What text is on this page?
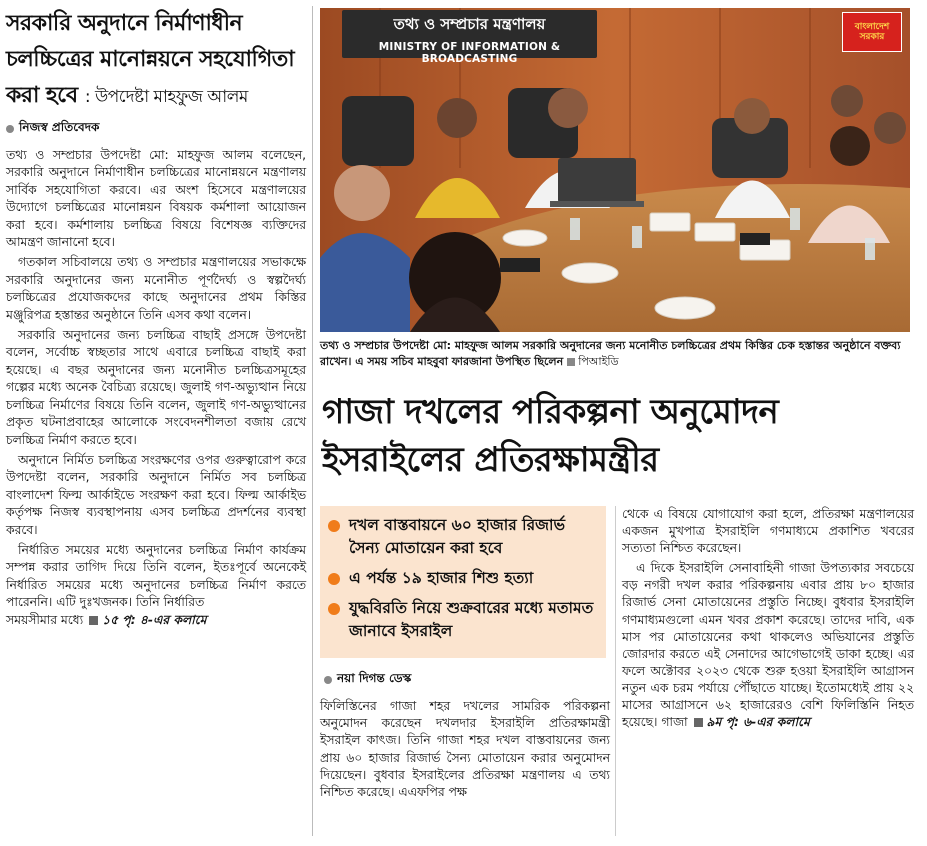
সরকারি অনুদানে নির্মাণাধীন
চলচ্চিত্রের মানোন্নয়নে সহযোগিতা
করা হবে : উপদেষ্টা মাহফুজ আলম
নিজস্ব প্রতিবেদক

তথ্য ও সম্প্রচার উপদেষ্টা মো: মাহফুজ আলম বলেছেন, সরকারি অনুদানে নির্মাণাধীন চলচ্চিত্রের মানোন্নয়নে মন্ত্রণালয় সার্বিক সহযোগিতা করবে। এর অংশ হিসেবে মন্ত্রণালয়ের উদ্যোগে চলচ্চিত্রের মানোন্নয়ন বিষয়ক কর্মশালা আয়োজন করা হবে। কর্মশালায় চলচ্চিত্র বিষয়ে বিশেষজ্ঞ ব্যক্তিদের আমন্ত্রণ জানানো হবে।

গতকাল সচিবালয়ে তথ্য ও সম্প্রচার মন্ত্রণালয়ের সভাকক্ষে সরকারি অনুদানের জন্য মনোনীত পূর্ণদৈর্ঘ্য ও স্বল্পদৈর্ঘ্য চলচ্চিত্রের প্রযোজকদের কাছে অনুদানের প্রথম কিস্তির মঞ্জুরিপত্র হস্তান্তর অনুষ্ঠানে তিনি এসব কথা বলেন।

সরকারি অনুদানের জন্য চলচ্চিত্র বাছাই প্রসঙ্গে উপদেষ্টা বলেন, সর্বোচ্চ স্বচ্ছতার সাথে এবারে চলচ্চিত্র বাছাই করা হয়েছে। এ বছর অনুদানের জন্য মনোনীত চলচ্চিত্রসমূহের গল্পের মধ্যে অনেক বৈচিত্র্য রয়েছে। জুলাই গণ-অভ্যুত্থান নিয়ে চলচ্চিত্র নির্মাণের বিষয়ে তিনি বলেন, জুলাই গণ-অভ্যুত্থানের প্রকৃত ঘটনাপ্রবাহের আলোকে সংবেদনশীলতা বজায় রেখে চলচ্চিত্র নির্মাণ করতে হবে।

অনুদানে নির্মিত চলচ্চিত্র সংরক্ষণের ওপর গুরুত্বারোপ করে উপদেষ্টা বলেন, সরকারি অনুদানে নির্মিত সব চলচ্চিত্র বাংলাদেশ ফিল্ম আর্কাইভে সংরক্ষণ করা হবে। ফিল্ম আর্কাইভ কর্তৃপক্ষ নিজস্ব ব্যবস্থাপনায় এসব চলচ্চিত্র প্রদর্শনের ব্যবস্থা করবে।

নির্ধারিত সময়ের মধ্যে অনুদানের চলচ্চিত্র নির্মাণ কার্যক্রম সম্পন্ন করার তাগিদ দিয়ে তিনি বলেন, ইতঃপূর্বে অনেকেই নির্ধারিত সময়ের মধ্যে অনুদানের চলচ্চিত্র নির্মাণ করতে পারেননি। এটি দুঃখজনক। তিনি নির্ধারিত

সময়সীমার মধ্যে ১৫ পৃ: ৪-এর কলামে
তথ্য ও সম্প্রচার মন্ত্রণালয়
MINISTRY OF INFORMATION & BROADCASTING
বাংলাদেশ সরকার
তথ্য ও সম্প্রচার উপদেষ্টা মো: মাহফুজ আলম সরকারি অনুদানের জন্য মনোনীত চলচ্চিত্রের প্রথম কিস্তির চেক হস্তান্তর অনুষ্ঠানে বক্তব্য রাখেন। এ সময় সচিব মাহবুবা ফারজানা উপস্থিত ছিলেন পিআইডি
গাজা দখলের পরিকল্পনা অনুমোদন
ইসরাইলের প্রতিরক্ষামন্ত্রীর
দখল বাস্তবায়নে ৬০ হাজার রিজার্ভ সৈন্য মোতায়েন করা হবে
এ পর্যন্ত ১৯ হাজার শিশু হত্যা
যুদ্ধবিরতি নিয়ে শুক্রবারের মধ্যে মতামত জানাবে ইসরাইল
নয়া দিগন্ত ডেস্ক
ফিলিস্তিনের গাজা শহর দখলের সামরিক পরিকল্পনা অনুমোদন করেছেন দখলদার ইসরাইলি প্রতিরক্ষামন্ত্রী ইসরাইল কাৎজ। তিনি গাজা শহর দখল বাস্তবায়নের জন্য প্রায় ৬০ হাজার রিজার্ভ সৈন্য মোতায়েন করার অনুমোদন দিয়েছেন। বুধবার ইসরাইলের প্রতিরক্ষা মন্ত্রণালয় এ তথ্য নিশ্চিত করেছে। এএফপির পক্ষ

থেকে এ বিষয়ে যোগাযোগ করা হলে, প্রতিরক্ষা মন্ত্রণালয়ের একজন মুখপাত্র ইসরাইলি গণমাধ্যমে প্রকাশিত খবরের সত্যতা নিশ্চিত করেছেন।

এ দিকে ইসরাইলি সেনাবাহিনী গাজা উপত্যকার সবচেয়ে বড় নগরী দখল করার পরিকল্পনায় এবার প্রায় ৮০ হাজার রিজার্ভ সেনা মোতায়েনের প্রস্তুতি নিচ্ছে। বুধবার ইসরাইলি গণমাধ্যমগুলো এমন খবর প্রকাশ করেছে। তাদের দাবি, এক মাস পর মোতায়েনের কথা থাকলেও অভিযানের প্রস্তুতি জোরদার করতে এই সেনাদের আগেভাগেই ডাকা হচ্ছে। এর ফলে অক্টোবর ২০২৩ থেকে শুরু হওয়া ইসরাইলি আগ্রাসন নতুন এক চরম পর্যায়ে পৌঁছাতে যাচ্ছে। ইতোমধ্যেই প্রায় ২২ মাসের আগ্রাসনে ৬২ হাজারেরও বেশি ফিলিস্তিনি নিহত হয়েছে। গাজা ৯ম পৃ: ৬-এর কলামে
